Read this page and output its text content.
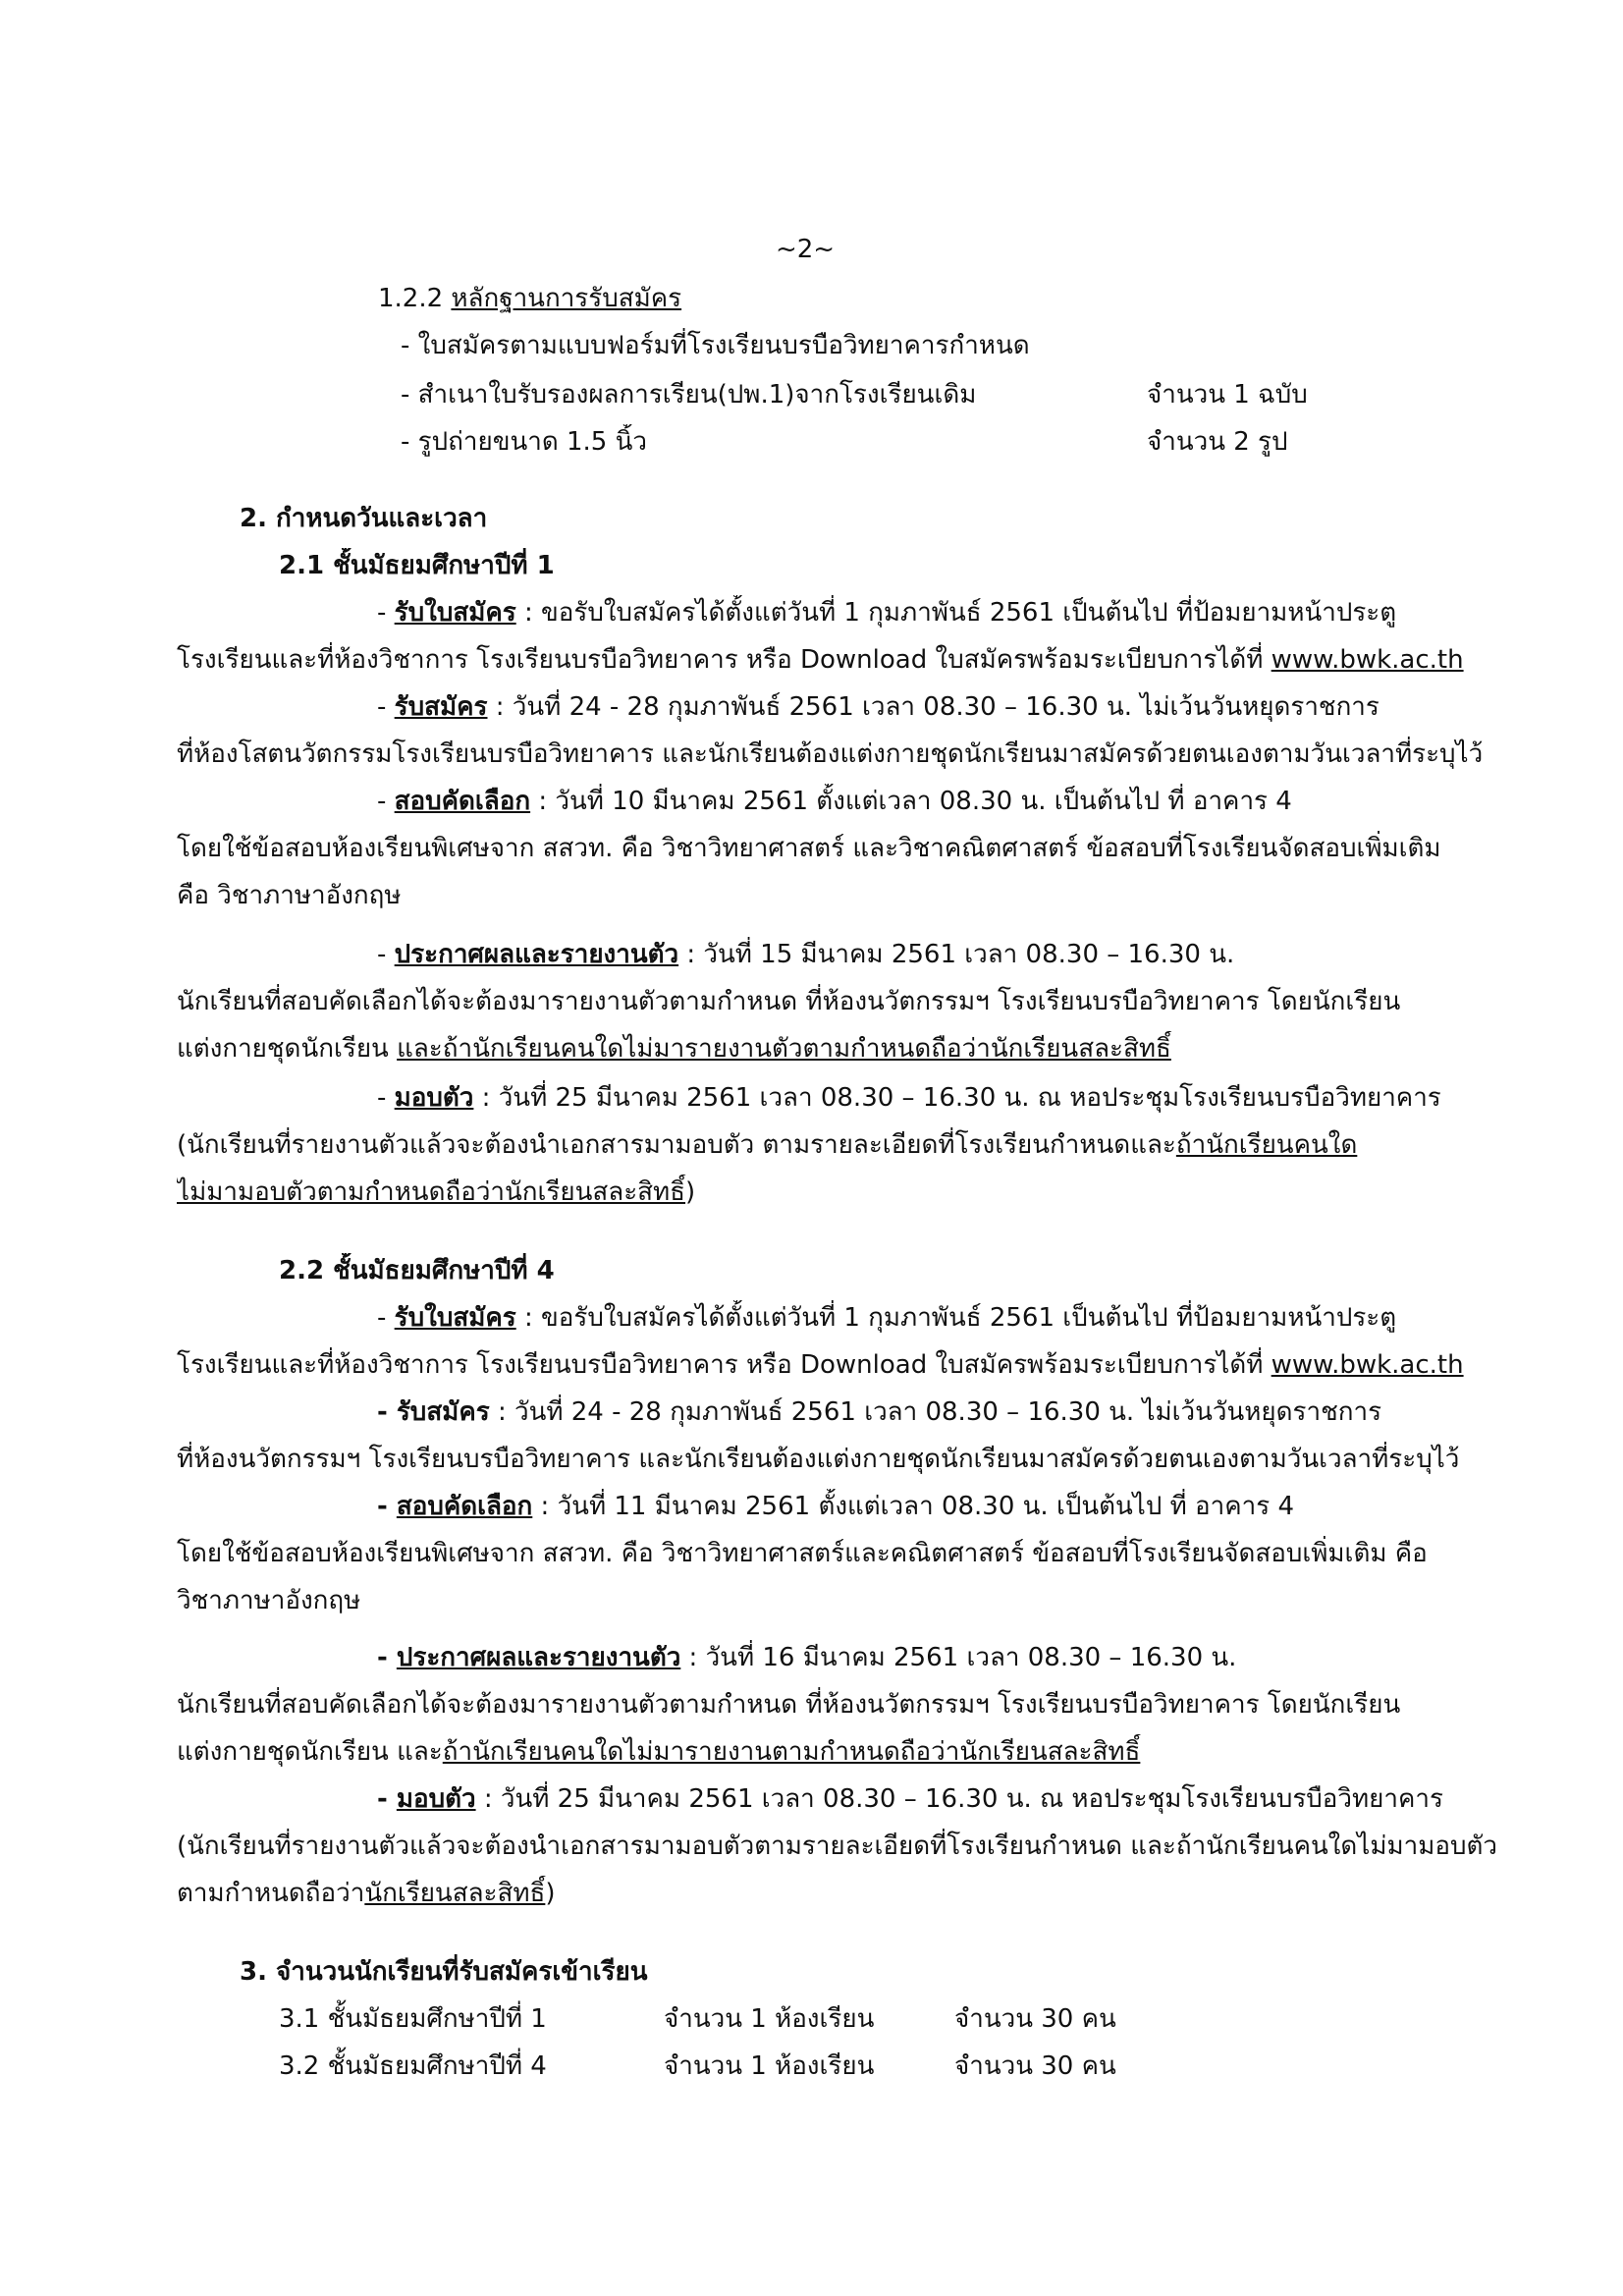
~2~
1.2.2 หลักฐานการรับสมัคร
- ใบสมัครตามแบบฟอร์มที่โรงเรียนบรบือวิทยาคารกำหนด
- สำเนาใบรับรองผลการเรียน(ปพ.1)จากโรงเรียนเดิม	จำนวน 1 ฉบับ
- รูปถ่ายขนาด 1.5 นิ้ว	จำนวน 2 รูป
2. กำหนดวันและเวลา
2.1 ชั้นมัธยมศึกษาปีที่ 1
- รับใบสมัคร : ขอรับใบสมัครได้ตั้งแต่วันที่ 1 กุมภาพันธ์ 2561 เป็นต้นไป ที่ป้อมยามหน้าประตู
โรงเรียนและที่ห้องวิชาการ โรงเรียนบรบือวิทยาคาร หรือ Download ใบสมัครพร้อมระเบียบการได้ที่ www.bwk.ac.th
- รับสมัคร : วันที่ 24 - 28 กุมภาพันธ์ 2561 เวลา 08.30 – 16.30 น. ไม่เว้นวันหยุดราชการ
ที่ห้องโสตนวัตกรรมโรงเรียนบรบือวิทยาคาร และนักเรียนต้องแต่งกายชุดนักเรียนมาสมัครด้วยตนเองตามวันเวลาที่ระบุไว้
- สอบคัดเลือก : วันที่ 10 มีนาคม 2561 ตั้งแต่เวลา 08.30 น. เป็นต้นไป ที่ อาคาร 4
โดยใช้ข้อสอบห้องเรียนพิเศษจาก สสวท. คือ วิชาวิทยาศาสตร์ และวิชาคณิตศาสตร์ ข้อสอบที่โรงเรียนจัดสอบเพิ่มเติม
คือ วิชาภาษาอังกฤษ
- ประกาศผลและรายงานตัว : วันที่ 15 มีนาคม 2561 เวลา 08.30 – 16.30 น.
นักเรียนที่สอบคัดเลือกได้จะต้องมารายงานตัวตามกำหนด ที่ห้องนวัตกรรมฯ โรงเรียนบรบือวิทยาคาร โดยนักเรียน
แต่งกายชุดนักเรียน และถ้านักเรียนคนใดไม่มารายงานตัวตามกำหนดถือว่านักเรียนสละสิทธิ์
- มอบตัว : วันที่ 25 มีนาคม 2561 เวลา 08.30 – 16.30 น. ณ หอประชุมโรงเรียนบรบือวิทยาคาร
(นักเรียนที่รายงานตัวแล้วจะต้องนำเอกสารมามอบตัว ตามรายละเอียดที่โรงเรียนกำหนดและถ้านักเรียนคนใด
ไม่มามอบตัวตามกำหนดถือว่านักเรียนสละสิทธิ์)
2.2 ชั้นมัธยมศึกษาปีที่ 4
- รับใบสมัคร : ขอรับใบสมัครได้ตั้งแต่วันที่ 1 กุมภาพันธ์ 2561 เป็นต้นไป ที่ป้อมยามหน้าประตู
โรงเรียนและที่ห้องวิชาการ โรงเรียนบรบือวิทยาคาร หรือ Download ใบสมัครพร้อมระเบียบการได้ที่ www.bwk.ac.th
- รับสมัคร : วันที่ 24 - 28 กุมภาพันธ์ 2561 เวลา 08.30 – 16.30 น. ไม่เว้นวันหยุดราชการ
ที่ห้องนวัตกรรมฯ โรงเรียนบรบือวิทยาคาร และนักเรียนต้องแต่งกายชุดนักเรียนมาสมัครด้วยตนเองตามวันเวลาที่ระบุไว้
- สอบคัดเลือก : วันที่ 11 มีนาคม 2561 ตั้งแต่เวลา 08.30 น. เป็นต้นไป ที่ อาคาร 4
โดยใช้ข้อสอบห้องเรียนพิเศษจาก สสวท. คือ วิชาวิทยาศาสตร์และคณิตศาสตร์ ข้อสอบที่โรงเรียนจัดสอบเพิ่มเติม คือ
วิชาภาษาอังกฤษ
- ประกาศผลและรายงานตัว : วันที่ 16 มีนาคม 2561 เวลา 08.30 – 16.30 น.
นักเรียนที่สอบคัดเลือกได้จะต้องมารายงานตัวตามกำหนด ที่ห้องนวัตกรรมฯ โรงเรียนบรบือวิทยาคาร โดยนักเรียน
แต่งกายชุดนักเรียน และถ้านักเรียนคนใดไม่มารายงานตามกำหนดถือว่านักเรียนสละสิทธิ์
- มอบตัว : วันที่ 25 มีนาคม 2561 เวลา 08.30 – 16.30 น. ณ หอประชุมโรงเรียนบรบือวิทยาคาร
(นักเรียนที่รายงานตัวแล้วจะต้องนำเอกสารมามอบตัวตามรายละเอียดที่โรงเรียนกำหนด และถ้านักเรียนคนใดไม่มามอบตัว
ตามกำหนดถือว่านักเรียนสละสิทธิ์)
3. จำนวนนักเรียนที่รับสมัครเข้าเรียน
3.1 ชั้นมัธยมศึกษาปีที่ 1	จำนวน 1 ห้องเรียน	จำนวน 30 คน
3.2 ชั้นมัธยมศึกษาปีที่ 4	จำนวน 1 ห้องเรียน	จำนวน 30 คน
